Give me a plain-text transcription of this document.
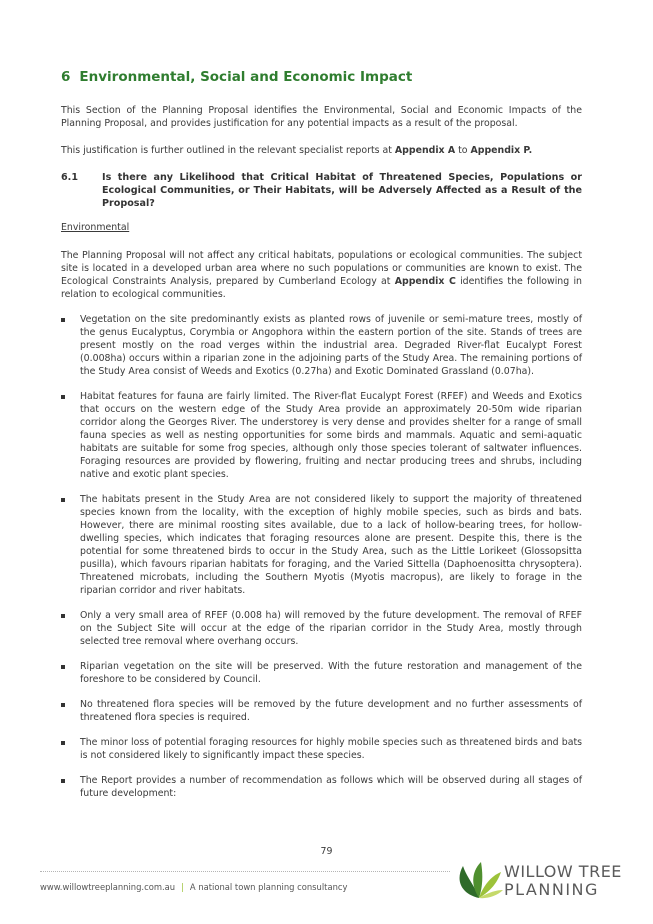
6 Environmental, Social and Economic Impact

This Section of the Planning Proposal identifies the Environmental, Social and Economic Impacts of the Planning Proposal, and provides justification for any potential impacts as a result of the proposal.

This justification is further outlined in the relevant specialist reports at Appendix A to Appendix P.

6.1	Is there any Likelihood that Critical Habitat of Threatened Species, Populations or Ecological Communities, or Their Habitats, will be Adversely Affected as a Result of the Proposal?

Environmental

The Planning Proposal will not affect any critical habitats, populations or ecological communities. The subject site is located in a developed urban area where no such populations or communities are known to exist. The Ecological Constraints Analysis, prepared by Cumberland Ecology at Appendix C identifies the following in relation to ecological communities.

Vegetation on the site predominantly exists as planted rows of juvenile or semi-mature trees, mostly of the genus Eucalyptus, Corymbia or Angophora within the eastern portion of the site. Stands of trees are present mostly on the road verges within the industrial area. Degraded River-flat Eucalypt Forest (0.008ha) occurs within a riparian zone in the adjoining parts of the Study Area. The remaining portions of the Study Area consist of Weeds and Exotics (0.27ha) and Exotic Dominated Grassland (0.07ha).
Habitat features for fauna are fairly limited. The River-flat Eucalypt Forest (RFEF) and Weeds and Exotics that occurs on the western edge of the Study Area provide an approximately 20-50m wide riparian corridor along the Georges River. The understorey is very dense and provides shelter for a range of small fauna species as well as nesting opportunities for some birds and mammals. Aquatic and semi-aquatic habitats are suitable for some frog species, although only those species tolerant of saltwater influences. Foraging resources are provided by flowering, fruiting and nectar producing trees and shrubs, including native and exotic plant species.
The habitats present in the Study Area are not considered likely to support the majority of threatened species known from the locality, with the exception of highly mobile species, such as birds and bats. However, there are minimal roosting sites available, due to a lack of hollow-bearing trees, for hollow-dwelling species, which indicates that foraging resources alone are present. Despite this, there is the potential for some threatened birds to occur in the Study Area, such as the Little Lorikeet (Glossopsitta pusilla), which favours riparian habitats for foraging, and the Varied Sittella (Daphoenositta chrysoptera). Threatened microbats, including the Southern Myotis (Myotis macropus), are likely to forage in the riparian corridor and river habitats.
Only a very small area of RFEF (0.008 ha) will removed by the future development. The removal of RFEF on the Subject Site will occur at the edge of the riparian corridor in the Study Area, mostly through selected tree removal where overhang occurs.
Riparian vegetation on the site will be preserved. With the future restoration and management of the foreshore to be considered by Council.
No threatened flora species will be removed by the future development and no further assessments of threatened flora species is required.
The minor loss of potential foraging resources for highly mobile species such as threatened birds and bats is not considered likely to significantly impact these species.
The Report provides a number of recommendation as follows which will be observed during all stages of future development:

79

www.willowtreeplanning.com.au | A national town planning consultancy

WILLOW TREE

PLANNING
